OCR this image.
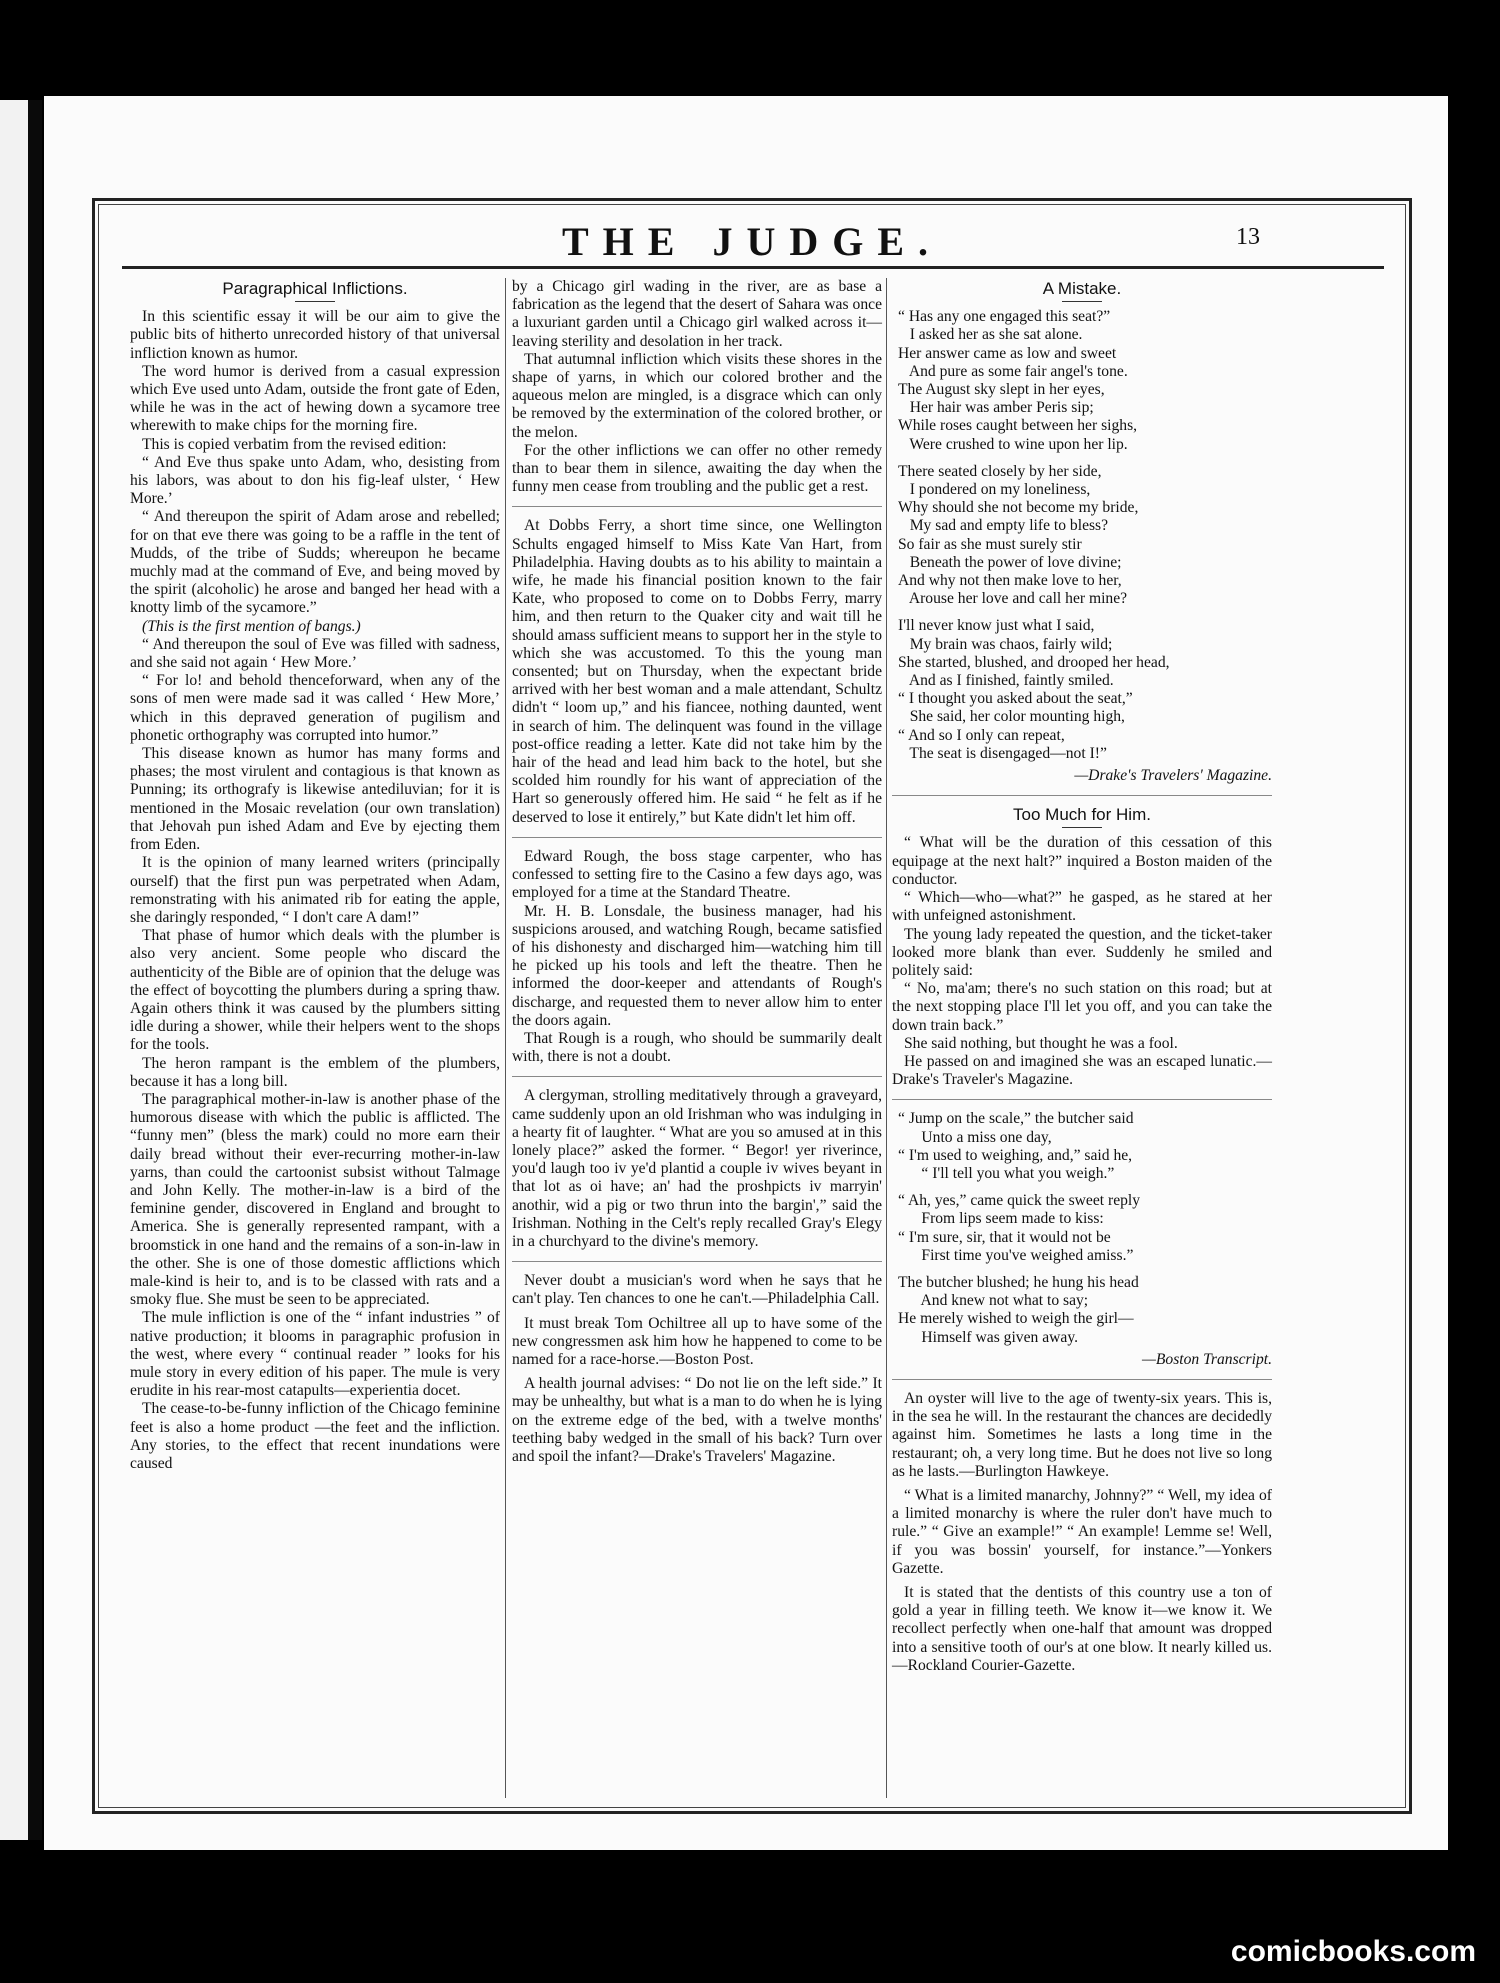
THE JUDGE.	13
Paragraphical Inflictions.

In this scientific essay it will be our aim to give the public bits of hitherto unrecorded history of that universal infliction known as humor.

The word humor is derived from a casual expression which Eve used unto Adam, outside the front gate of Eden, while he was in the act of hewing down a sycamore tree wherewith to make chips for the morning fire.

This is copied verbatim from the revised edition:

“ And Eve thus spake unto Adam, who, desisting from his labors, was about to don his fig-leaf ulster, ‘ Hew More.’

“ And thereupon the spirit of Adam arose and rebelled; for on that eve there was going to be a raffle in the tent of Mudds, of the tribe of Sudds; whereupon he became muchly mad at the command of Eve, and being moved by the spirit (alcoholic) he arose and banged her head with a knotty limb of the sycamore.”

(This is the first mention of bangs.)

“ And thereupon the soul of Eve was filled with sadness, and she said not again ‘ Hew More.’

“ For lo! and behold thenceforward, when any of the sons of men were made sad it was called ‘ Hew More,’ which in this depraved generation of pugilism and phonetic orthography was corrupted into humor.”

This disease known as humor has many forms and phases; the most virulent and contagious is that known as Punning; its orthografy is likewise antediluvian; for it is mentioned in the Mosaic revelation (our own translation) that Jehovah pun ished Adam and Eve by ejecting them from Eden.

It is the opinion of many learned writers (principally ourself) that the first pun was perpetrated when Adam, remonstrating with his animated rib for eating the apple, she daringly responded, “ I don't care A dam!”

That phase of humor which deals with the plumber is also very ancient. Some people who discard the authenticity of the Bible are of opinion that the deluge was the effect of boycotting the plumbers during a spring thaw. Again others think it was caused by the plumbers sitting idle during a shower, while their helpers went to the shops for the tools.

The heron rampant is the emblem of the plumbers, because it has a long bill.

The paragraphical mother-in-law is another phase of the humorous disease with which the public is afflicted. The “funny men” (bless the mark) could no more earn their daily bread without their ever-recurring mother-in-law yarns, than could the cartoonist subsist without Talmage and John Kelly. The mother-in-law is a bird of the feminine gender, discovered in England and brought to America. She is generally represented rampant, with a broomstick in one hand and the remains of a son-in-law in the other. She is one of those domestic afflictions which male-kind is heir to, and is to be classed with rats and a smoky flue. She must be seen to be appreciated.

The mule infliction is one of the “ infant industries ” of native production; it blooms in paragraphic profusion in the west, where every “ continual reader ” looks for his mule story in every edition of his paper. The mule is very erudite in his rear-most catapults—experientia docet.

The cease-to-be-funny infliction of the Chicago feminine feet is also a home product —the feet and the infliction. Any stories, to the effect that recent inundations were caused

by a Chicago girl wading in the river, are as base a fabrication as the legend that the desert of Sahara was once a luxuriant garden until a Chicago girl walked across it—leaving sterility and desolation in her track.

That autumnal infliction which visits these shores in the shape of yarns, in which our colored brother and the aqueous melon are mingled, is a disgrace which can only be removed by the extermination of the colored brother, or the melon.

For the other inflictions we can offer no other remedy than to bear them in silence, awaiting the day when the funny men cease from troubling and the public get a rest.

At Dobbs Ferry, a short time since, one Wellington Schults engaged himself to Miss Kate Van Hart, from Philadelphia. Having doubts as to his ability to maintain a wife, he made his financial position known to the fair Kate, who proposed to come on to Dobbs Ferry, marry him, and then return to the Quaker city and wait till he should amass sufficient means to support her in the style to which she was accustomed. To this the young man consented; but on Thursday, when the expectant bride arrived with her best woman and a male attendant, Schultz didn't “ loom up,” and his fiancee, nothing daunted, went in search of him. The delinquent was found in the village post-office reading a letter. Kate did not take him by the hair of the head and lead him back to the hotel, but she scolded him roundly for his want of appreciation of the Hart so generously offered him. He said “ he felt as if he deserved to lose it entirely,” but Kate didn't let him off.

Edward Rough, the boss stage carpenter, who has confessed to setting fire to the Casino a few days ago, was employed for a time at the Standard Theatre.

Mr. H. B. Lonsdale, the business manager, had his suspicions aroused, and watching Rough, became satisfied of his dishonesty and discharged him—watching him till he picked up his tools and left the theatre. Then he informed the door-keeper and attendants of Rough's discharge, and requested them to never allow him to enter the doors again.

That Rough is a rough, who should be summarily dealt with, there is not a doubt.

A clergyman, strolling meditatively through a graveyard, came suddenly upon an old Irishman who was indulging in a hearty fit of laughter. “ What are you so amused at in this lonely place?” asked the former. “ Begor! yer riverince, you'd laugh too iv ye'd plantid a couple iv wives beyant in that lot as oi have; an' had the proshpicts iv marryin' anothir, wid a pig or two thrun into the bargin',” said the Irishman. Nothing in the Celt's reply recalled Gray's Elegy in a churchyard to the divine's memory.

Never doubt a musician's word when he says that he can't play. Ten chances to one he can't.—Philadelphia Call.

It must break Tom Ochiltree all up to have some of the new congressmen ask him how he happened to come to be named for a race-horse.—Boston Post.

A health journal advises: “ Do not lie on the left side.” It may be unhealthy, but what is a man to do when he is lying on the extreme edge of the bed, with a twelve months' teething baby wedged in the small of his back? Turn over and spoil the infant?—Drake's Travelers' Magazine.

A Mistake.
“ Has any one engaged this seat?”
I asked her as she sat alone.
Her answer came as low and sweet
And pure as some fair angel's tone.
The August sky slept in her eyes,
Her hair was amber Peris sip;
While roses caught between her sighs,
Were crushed to wine upon her lip.
There seated closely by her side,
I pondered on my loneliness,
Why should she not become my bride,
My sad and empty life to bless?
So fair as she must surely stir
Beneath the power of love divine;
And why not then make love to her,
Arouse her love and call her mine?
I'll never know just what I said,
My brain was chaos, fairly wild;
She started, blushed, and drooped her head,
And as I finished, faintly smiled.
“ I thought you asked about the seat,”
She said, her color mounting high,
“ And so I only can repeat,
The seat is disengaged—not I!”
—Drake's Travelers' Magazine.
Too Much for Him.

“ What will be the duration of this cessation of this equipage at the next halt?” inquired a Boston maiden of the conductor.

“ Which—who—what?” he gasped, as he stared at her with unfeigned astonishment.

The young lady repeated the question, and the ticket-taker looked more blank than ever. Suddenly he smiled and politely said:

“ No, ma'am; there's no such station on this road; but at the next stopping place I'll let you off, and you can take the down train back.”

She said nothing, but thought he was a fool.

He passed on and imagined she was an escaped lunatic.—Drake's Traveler's Magazine.

“ Jump on the scale,” the butcher said
Unto a miss one day,
“ I'm used to weighing, and,” said he,
“ I'll tell you what you weigh.”
“ Ah, yes,” came quick the sweet reply
From lips seem made to kiss:
“ I'm sure, sir, that it would not be
First time you've weighed amiss.”
The butcher blushed; he hung his head
And knew not what to say;
He merely wished to weigh the girl—
Himself was given away.
—Boston Transcript.

An oyster will live to the age of twenty-six years. This is, in the sea he will. In the restaurant the chances are decidedly against him. Sometimes he lasts a long time in the restaurant; oh, a very long time. But he does not live so long as he lasts.—Burlington Hawkeye.

“ What is a limited manarchy, Johnny?” “ Well, my idea of a limited monarchy is where the ruler don't have much to rule.” “ Give an example!” “ An example! Lemme se! Well, if you was bossin' yourself, for instance.”—Yonkers Gazette.

It is stated that the dentists of this country use a ton of gold a year in filling teeth. We know it—we know it. We recollect perfectly when one-half that amount was dropped into a sensitive tooth of our's at one blow. It nearly killed us.—Rockland Courier-Gazette.

comicbooks.com
